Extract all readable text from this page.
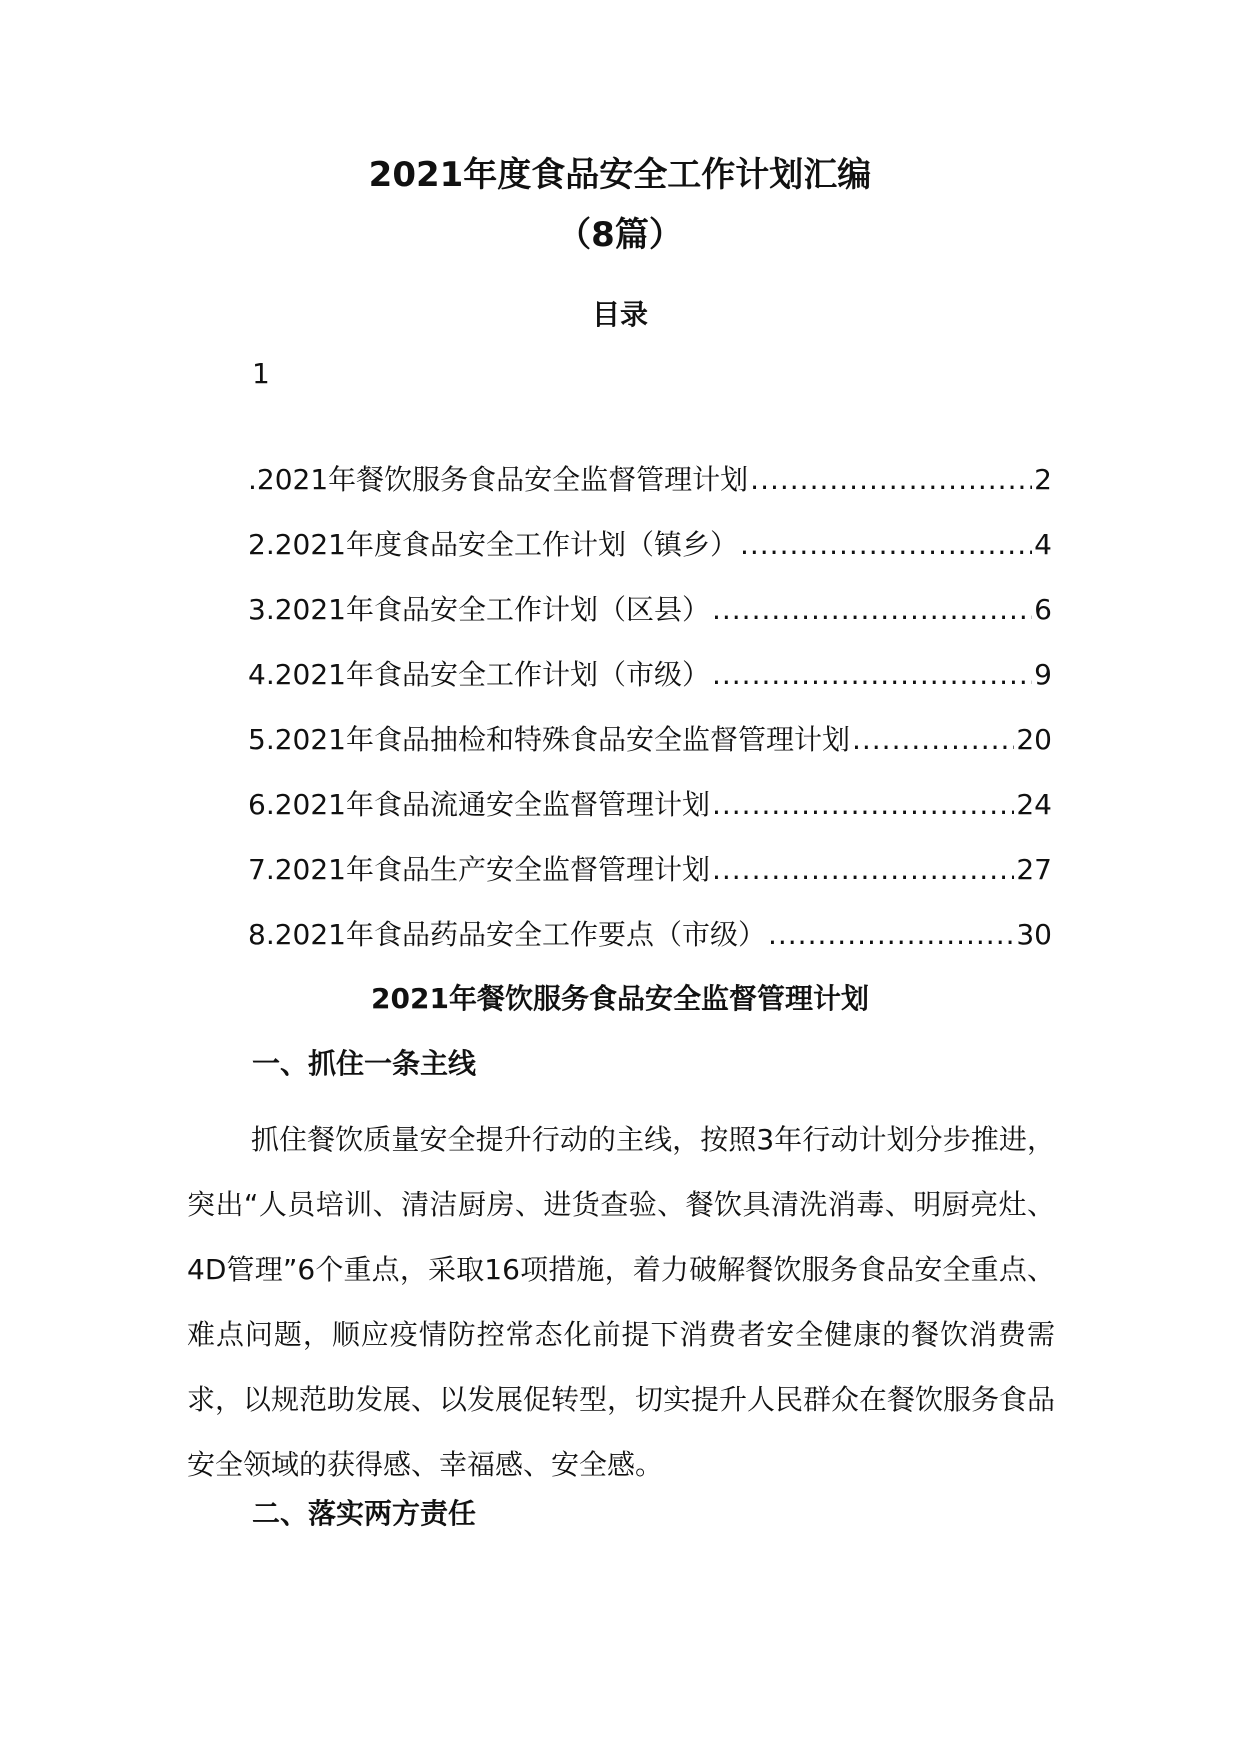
2021年度食品安全工作计划汇编
（8篇）
目录
1
.2021年餐饮服务食品安全监督管理计划 .....	2
2.2021年度食品安全工作计划（镇乡） .....	4
3.2021年食品安全工作计划（区县） .....	6
4.2021年食品安全工作计划（市级） .....	9
5.2021年食品抽检和特殊食品安全监督管理计划 .....	20
6.2021年食品流通安全监督管理计划 .....	24
7.2021年食品生产安全监督管理计划 .....	27
8.2021年食品药品安全工作要点（市级） .....	30
2021年餐饮服务食品安全监督管理计划
一、抓住一条主线

抓住餐饮质量安全提升行动的主线，按照3年行动计划分步推进，突出“人员培训、清洁厨房、进货查验、餐饮具清洗消毒、明厨亮灶、4D管理”6个重点，采取16项措施，着力破解餐饮服务食品安全重点、难点问题，顺应疫情防控常态化前提下消费者安全健康的餐饮消费需求，以规范助发展、以发展促转型，切实提升人民群众在餐饮服务食品安全领域的获得感、幸福感、安全感。

二、落实两方责任
